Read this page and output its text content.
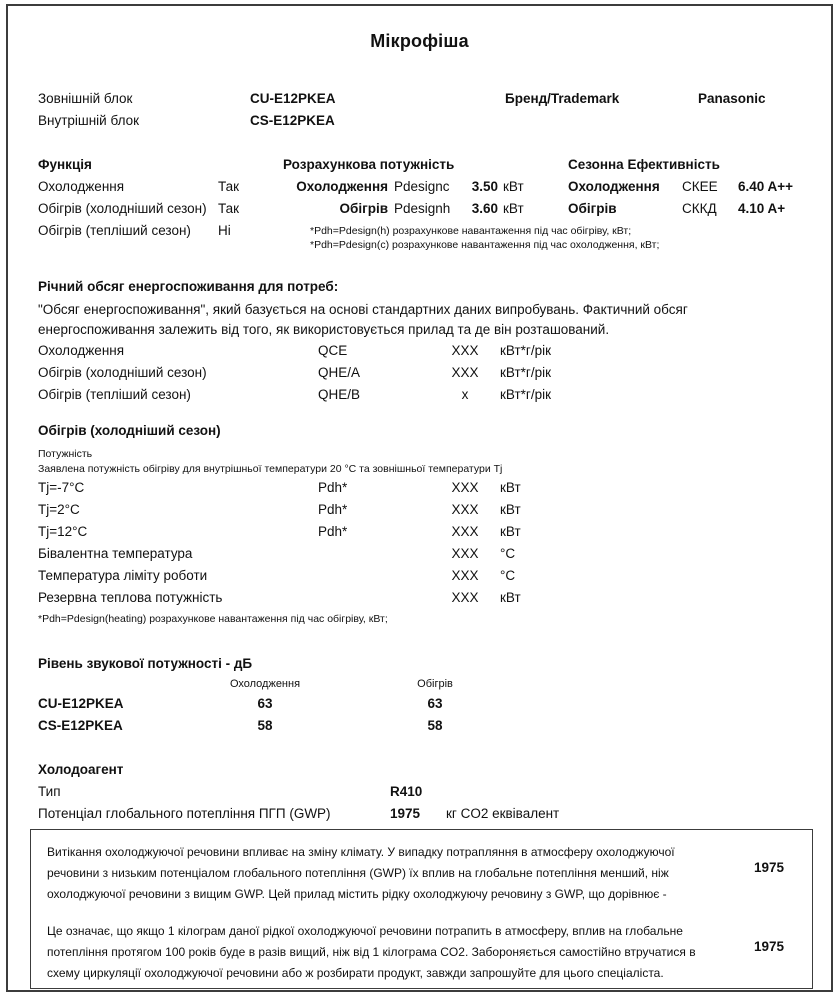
Мікрофіша
Зовнішній блок	CU-E12PKEA	Бренд/Trademark	Panasonic
Внутрішній блок	CS-E12PKEA
Функція
Охолодження	Так
Обігрів (холодніший сезон) Так
Обігрів (тепліший сезон)	Ні
Розрахункова потужність
Охолодження Pdesignc	3.50 кВт
Обігрів Pdesignh	3.60 кВт
*Pdh=Pdesign(h) розрахункове навантаження під час обігріву, кВт;
*Pdh=Pdesign(c) розрахункове навантаження під час охолодження, кВт;
Сезонна Ефективність
Охолодження	СКЕЕ	6.40 A++
Обігрів	СККД	4.10 A+
Річний обсяг енергоспоживання для потреб:
"Обсяг енергоспоживання", який базується на основі стандартних даних випробувань. Фактичний обсяг енергоспоживання залежить від того, як використовується прилад та де він розташований.
Охолодження	QCE	XXX	кВт*г/рік
Обігрів (холодніший сезон)	QHE/A	XXX	кВт*г/рік
Обігрів (тепліший сезон)	QHE/B	x	кВт*г/рік
Обігрів (холодніший сезон)
Потужність
Заявлена потужність обігріву для внутрішньої температури 20 °C та зовнішньої температури Tj
Tj=-7°C	Pdh*	XXX	кВт
Tj=2°C	Pdh*	XXX	кВт
Tj=12°C	Pdh*	XXX	кВт
Бівалентна температура	XXX	°C
Температура ліміту роботи	XXX	°C
Резервна теплова потужність	XXX	кВт
*Pdh=Pdesign(heating) розрахункове навантаження під час обігріву, кВт;
Рівень звукової потужності - дБ
Охолодження	Обігрів
CU-E12PKEA	63	63
CS-E12PKEA	58	58
Холодоагент
Тип	R410
Потенціал глобального потепління ПГП (GWP)	1975	кг CO2 еквівалент
Витікання охолоджуючої речовини впливає на зміну клімату. У випадку потрапляння в атмосферу охолоджуючої речовини з низьким потенціалом глобального потепління (GWP) їх вплив на глобальне потепління менший, ніж охолоджуючої речовини з вищим GWP. Цей прилад містить рідку охолоджуючу речовину з GWP, що дорівнює -
1975
Це означає, що якщо 1 кілограм даної рідкої охолоджуючої речовини потрапить в атмосферу, вплив на глобальне потепління протягом 100 років буде в разів вищий, ніж від 1 кілограма CO2. Забороняється самостійно втручатися в схему циркуляції охолоджуючої речовини або ж розбирати продукт, завжди запрошуйте для цього спеціаліста.
1975
